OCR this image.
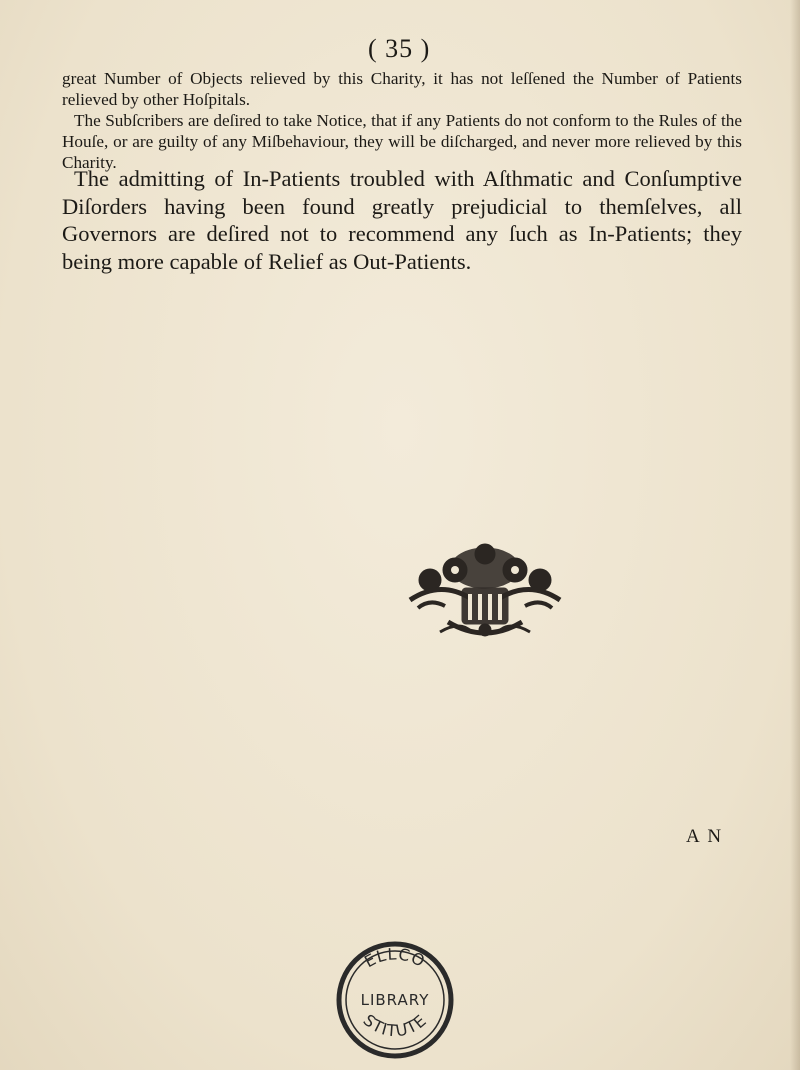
( 35 )
great Number of Objects relieved by this Charity, it has not leſſened the Number of Patients relieved by other Hoſpitals.
The Subſcribers are deſired to take Notice, that if any Patients do not conform to the Rules of the Houſe, or are guilty of any Miſbehaviour, they will be diſcharged, and never more relieved by this Charity.
The admitting of In-Patients troubled with Aſthmatic and Conſumptive Diſorders having been found greatly prejudicial to themſelves, all Governors are deſired not to recommend any ſuch as In-Patients; they being more capable of Relief as Out-Patients.
A N
ELLCO
LIBRARY
STITUTE
